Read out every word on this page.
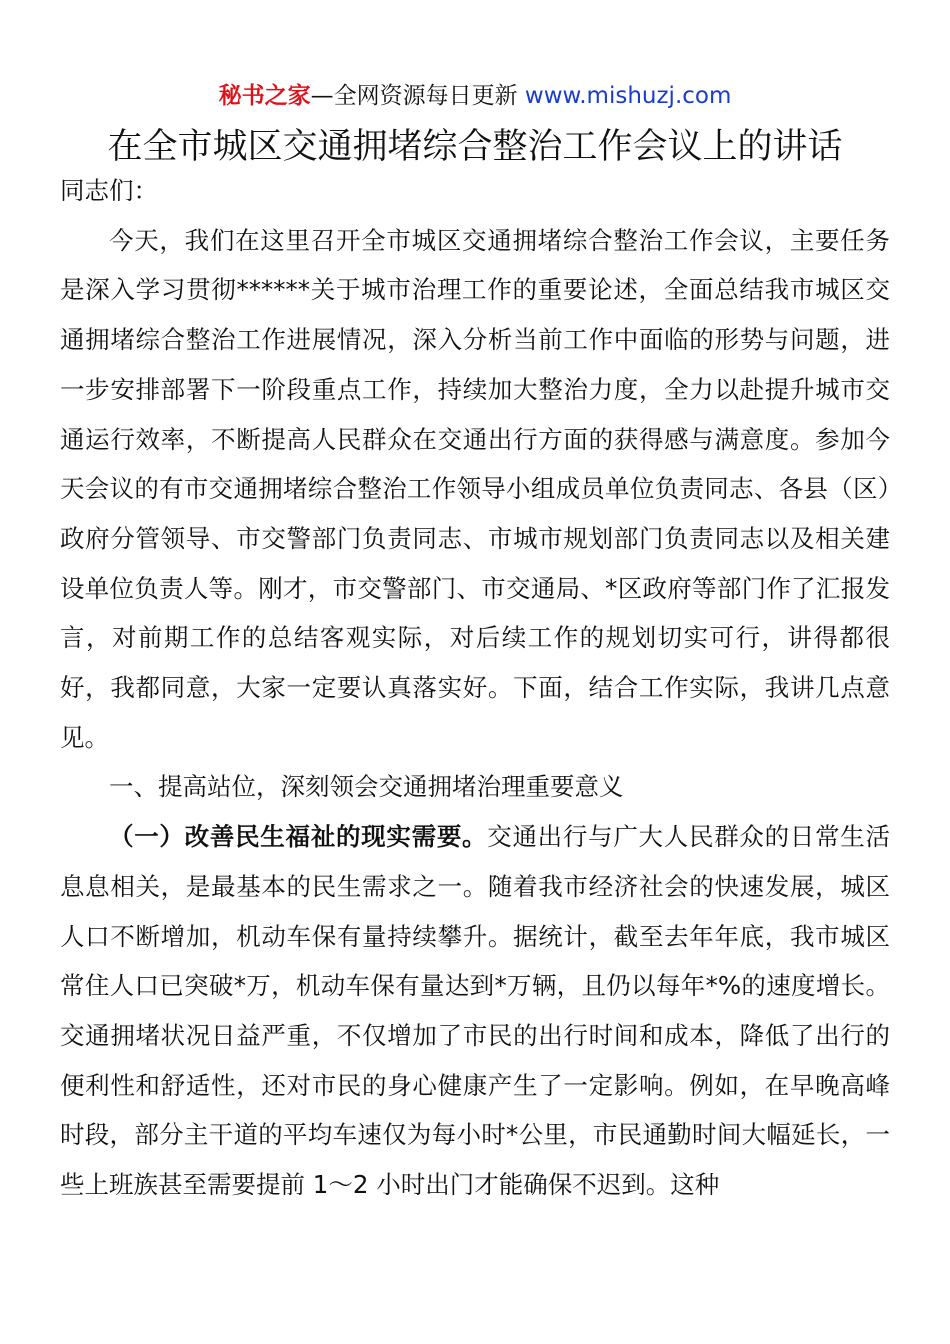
秘书之家—全网资源每日更新 www.mishuzj.com
在全市城区交通拥堵综合整治工作会议上的讲话

同志们：

今天，我们在这里召开全市城区交通拥堵综合整治工作会议，主要任务是深入学习贯彻******关于城市治理工作的重要论述，全面总结我市城区交通拥堵综合整治工作进展情况，深入分析当前工作中面临的形势与问题，进一步安排部署下一阶段重点工作，持续加大整治力度，全力以赴提升城市交通运行效率，不断提高人民群众在交通出行方面的获得感与满意度。参加今天会议的有市交通拥堵综合整治工作领导小组成员单位负责同志、各县（区）政府分管领导、市交警部门负责同志、市城市规划部门负责同志以及相关建设单位负责人等。刚才，市交警部门、市交通局、*区政府等部门作了汇报发言，对前期工作的总结客观实际，对后续工作的规划切实可行，讲得都很好，我都同意，大家一定要认真落实好。下面，结合工作实际，我讲几点意见。

一、提高站位，深刻领会交通拥堵治理重要意义

（一）改善民生福祉的现实需要。交通出行与广大人民群众的日常生活息息相关，是最基本的民生需求之一。随着我市经济社会的快速发展，城区人口不断增加，机动车保有量持续攀升。据统计，截至去年年底，我市城区常住人口已突破*万，机动车保有量达到*万辆，且仍以每年*%的速度增长。交通拥堵状况日益严重，不仅增加了市民的出行时间和成本，降低了出行的便利性和舒适性，还对市民的身心健康产生了一定影响。例如，在早晚高峰时段，部分主干道的平均车速仅为每小时*公里，市民通勤时间大幅延长，一些上班族甚至需要提前 1～2 小时出门才能确保不迟到。这种
